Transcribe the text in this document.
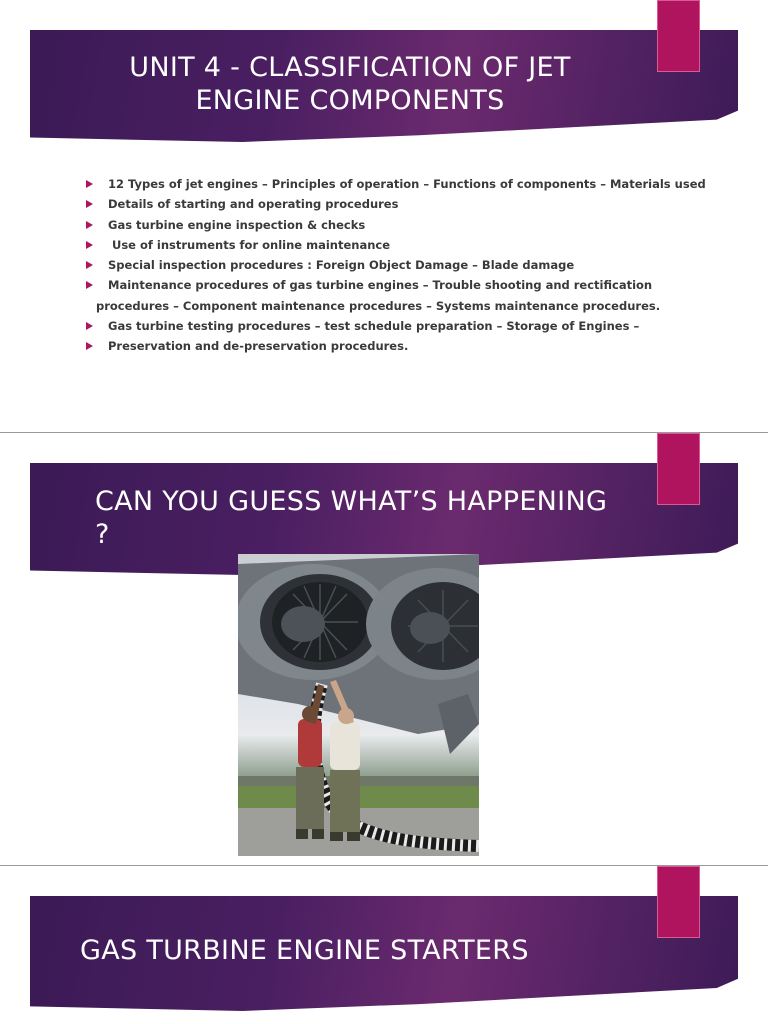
UNIT 4 - CLASSIFICATION OF JET
ENGINE COMPONENTS
12 Types of jet engines – Principles of operation – Functions of components – Materials used
Details of starting and operating procedures
Gas turbine engine inspection & checks
Use of instruments for online maintenance
Special inspection procedures : Foreign Object Damage – Blade damage
Maintenance procedures of gas turbine engines – Trouble shooting and rectification
procedures – Component maintenance procedures – Systems maintenance procedures.
Gas turbine testing procedures – test schedule preparation – Storage of Engines –
Preservation and de-preservation procedures.
CAN YOU GUESS WHAT’S HAPPENING
?
GAS TURBINE ENGINE STARTERS
